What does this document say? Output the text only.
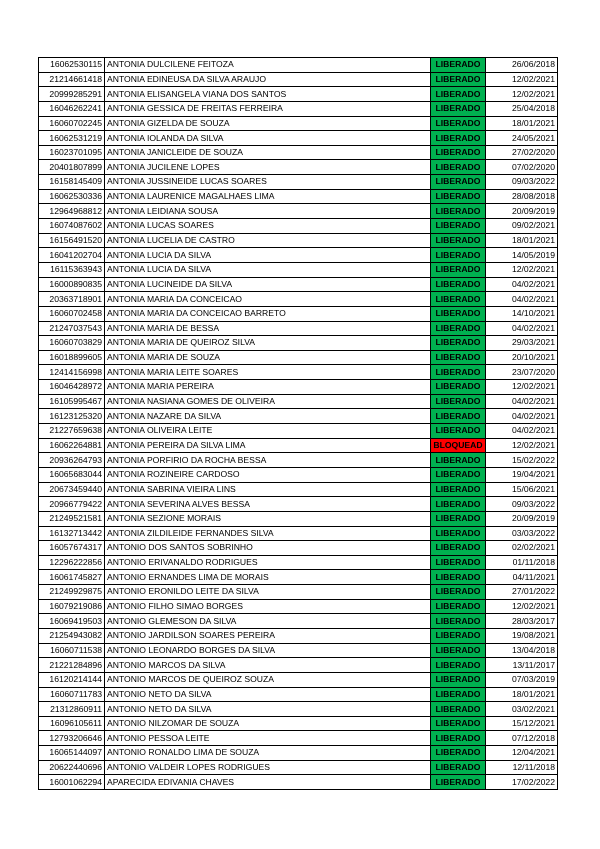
16062530115	ANTONIA DULCILENE FEITOZA	LIBERADO	26/06/2018
21214661418	ANTONIA EDINEUSA DA SILVA ARAUJO	LIBERADO	12/02/2021
20999285291	ANTONIA ELISANGELA VIANA DOS SANTOS	LIBERADO	12/02/2021
16046262241	ANTONIA GESSICA DE FREITAS FERREIRA	LIBERADO	25/04/2018
16060702245	ANTONIA GIZELDA DE SOUZA	LIBERADO	18/01/2021
16062531219	ANTONIA IOLANDA DA SILVA	LIBERADO	24/05/2021
16023701095	ANTONIA JANICLEIDE DE SOUZA	LIBERADO	27/02/2020
20401807899	ANTONIA JUCILENE LOPES	LIBERADO	07/02/2020
16158145409	ANTONIA JUSSINEIDE LUCAS SOARES	LIBERADO	09/03/2022
16062530336	ANTONIA LAURENICE MAGALHAES LIMA	LIBERADO	28/08/2018
12964968812	ANTONIA LEIDIANA SOUSA	LIBERADO	20/09/2019
16074087602	ANTONIA LUCAS SOARES	LIBERADO	09/02/2021
16156491520	ANTONIA LUCELIA DE CASTRO	LIBERADO	18/01/2021
16041202704	ANTONIA LUCIA DA SILVA	LIBERADO	14/05/2019
16115363943	ANTONIA LUCIA DA SILVA	LIBERADO	12/02/2021
16000890835	ANTONIA LUCINEIDE DA SILVA	LIBERADO	04/02/2021
20363718901	ANTONIA MARIA DA CONCEICAO	LIBERADO	04/02/2021
16060702458	ANTONIA MARIA DA CONCEICAO BARRETO	LIBERADO	14/10/2021
21247037543	ANTONIA MARIA DE BESSA	LIBERADO	04/02/2021
16060703829	ANTONIA MARIA DE QUEIROZ SILVA	LIBERADO	29/03/2021
16018899605	ANTONIA MARIA DE SOUZA	LIBERADO	20/10/2021
12414156998	ANTONIA MARIA LEITE SOARES	LIBERADO	23/07/2020
16046428972	ANTONIA MARIA PEREIRA	LIBERADO	12/02/2021
16105995467	ANTONIA NASIANA GOMES DE OLIVEIRA	LIBERADO	04/02/2021
16123125320	ANTONIA NAZARE DA SILVA	LIBERADO	04/02/2021
21227659638	ANTONIA OLIVEIRA LEITE	LIBERADO	04/02/2021
16062264881	ANTONIA PEREIRA DA SILVA LIMA	BLOQUEAD	12/02/2021
20936264793	ANTONIA PORFIRIO DA ROCHA BESSA	LIBERADO	15/02/2022
16065683044	ANTONIA ROZINEIRE CARDOSO	LIBERADO	19/04/2021
20673459440	ANTONIA SABRINA VIEIRA LINS	LIBERADO	15/06/2021
20966779422	ANTONIA SEVERINA ALVES BESSA	LIBERADO	09/03/2022
21249521581	ANTONIA SEZIONE MORAIS	LIBERADO	20/09/2019
16132713442	ANTONIA ZILDILEIDE FERNANDES SILVA	LIBERADO	03/03/2022
16057674317	ANTONIO DOS SANTOS SOBRINHO	LIBERADO	02/02/2021
12296222856	ANTONIO ERIVANALDO RODRIGUES	LIBERADO	01/11/2018
16061745827	ANTONIO ERNANDES LIMA DE MORAIS	LIBERADO	04/11/2021
21249929875	ANTONIO ERONILDO LEITE DA SILVA	LIBERADO	27/01/2022
16079219086	ANTONIO FILHO SIMAO BORGES	LIBERADO	12/02/2021
16069419503	ANTONIO GLEMESON DA SILVA	LIBERADO	28/03/2017
21254943082	ANTONIO JARDILSON SOARES PEREIRA	LIBERADO	19/08/2021
16060711538	ANTONIO LEONARDO BORGES DA SILVA	LIBERADO	13/04/2018
21221284896	ANTONIO MARCOS DA SILVA	LIBERADO	13/11/2017
16120214144	ANTONIO MARCOS DE QUEIROZ SOUZA	LIBERADO	07/03/2019
16060711783	ANTONIO NETO DA SILVA	LIBERADO	18/01/2021
21312860911	ANTONIO NETO DA SILVA	LIBERADO	03/02/2021
16096105611	ANTONIO NILZOMAR DE SOUZA	LIBERADO	15/12/2021
12793206646	ANTONIO PESSOA LEITE	LIBERADO	07/12/2018
16065144097	ANTONIO RONALDO LIMA DE SOUZA	LIBERADO	12/04/2021
20622440696	ANTONIO VALDEIR LOPES RODRIGUES	LIBERADO	12/11/2018
16001062294	APARECIDA EDIVANIA CHAVES	LIBERADO	17/02/2022
